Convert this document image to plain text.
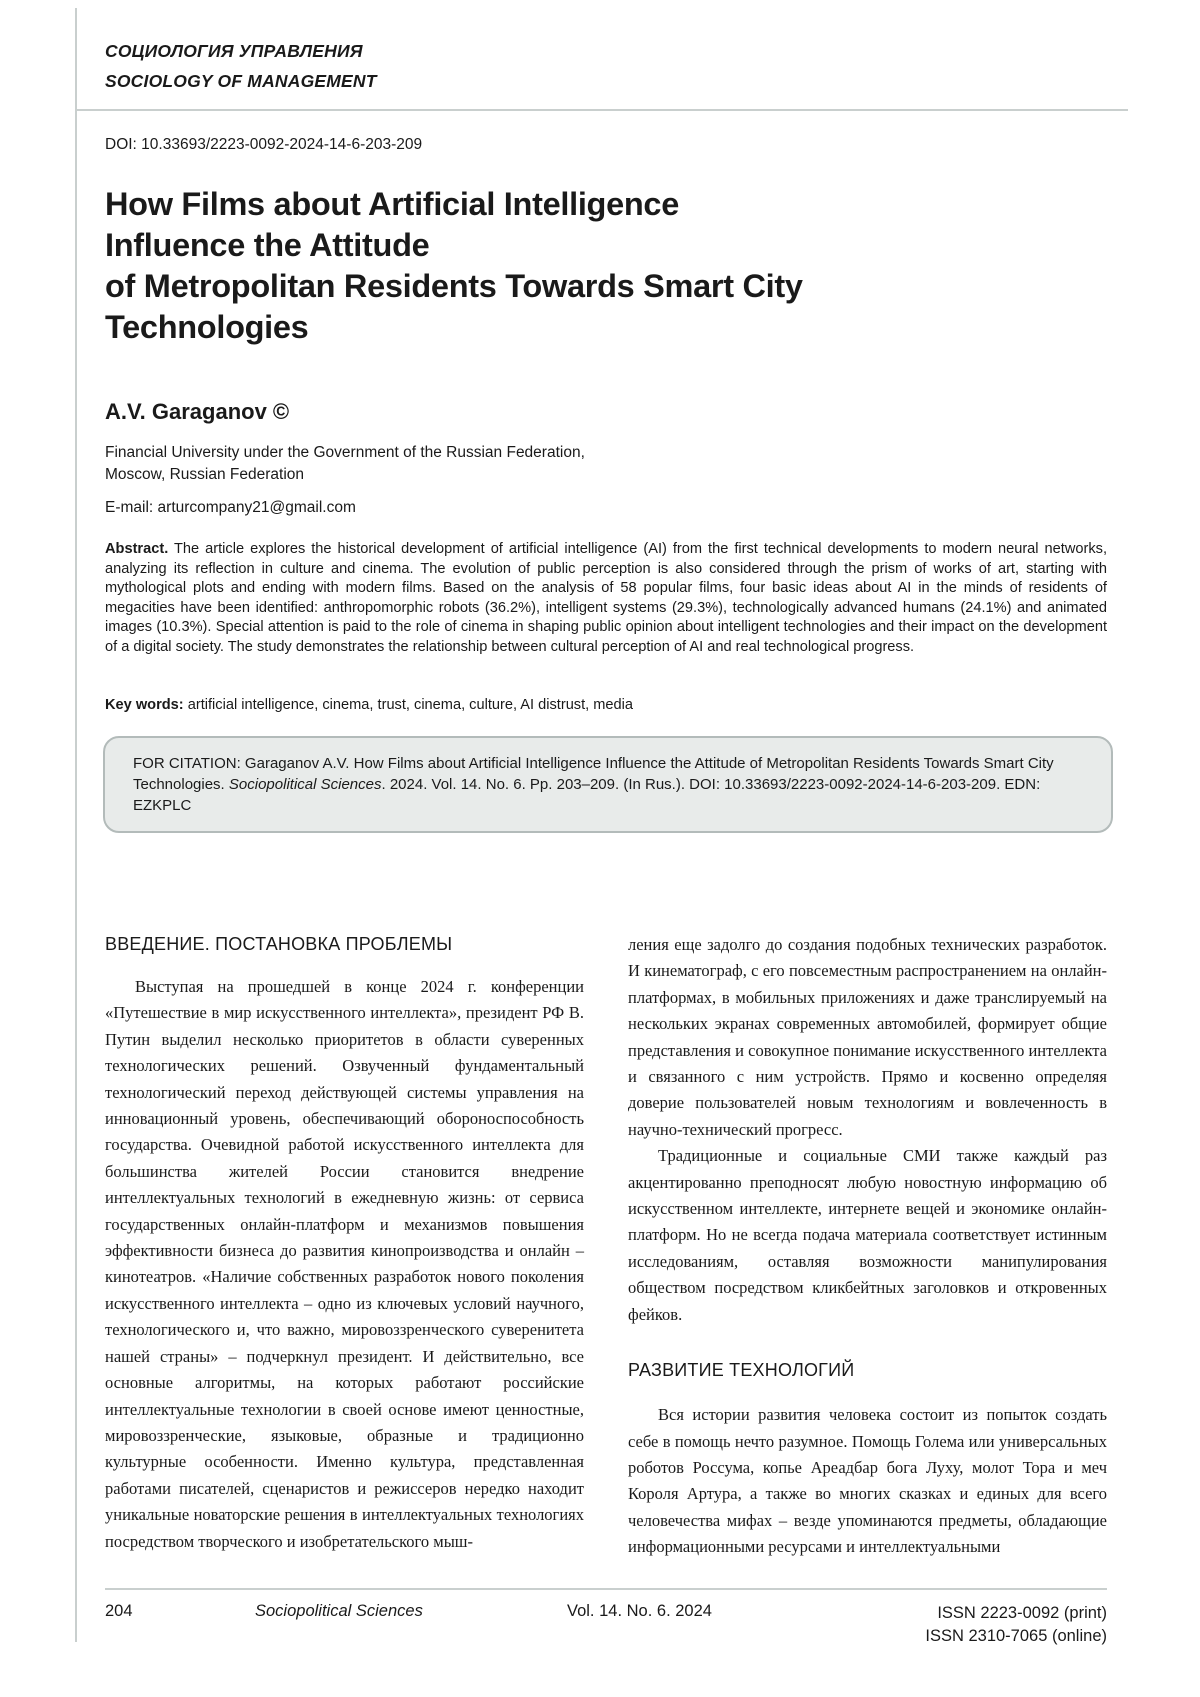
СОЦИОЛОГИЯ УПРАВЛЕНИЯ
SOCIOLOGY OF MANAGEMENT
DOI: 10.33693/2223-0092-2024-14-6-203-209
How Films about Artificial Intelligence
Influence the Attitude
of Metropolitan Residents Towards Smart City
Technologies
A.V. Garaganov ©
Financial University under the Government of the Russian Federation,
Moscow, Russian Federation
E-mail: arturcompany21@gmail.com
Abstract. The article explores the historical development of artificial intelligence (AI) from the first technical developments to modern neural networks, analyzing its reflection in culture and cinema. The evolution of public perception is also considered through the prism of works of art, starting with mythological plots and ending with modern films. Based on the analysis of 58 popular films, four basic ideas about AI in the minds of residents of megacities have been identified: anthropomorphic robots (36.2%), intelligent systems (29.3%), technologically advanced humans (24.1%) and animated images (10.3%). Special attention is paid to the role of cinema in shaping public opinion about intelligent technologies and their impact on the development of a digital society. The study demonstrates the relationship between cultural perception of AI and real technological progress.
Key words: artificial intelligence, cinema, trust, cinema, culture, AI distrust, media
FOR CITATION: Garaganov A.V. How Films about Artificial Intelligence Influence the Attitude of Metropolitan Residents Towards Smart City Technologies. Sociopolitical Sciences. 2024. Vol. 14. No. 6. Pp. 203–209. (In Rus.). DOI: 10.33693/2223-0092-2024-14-6-203-209. EDN: EZKPLC
ВВЕДЕНИЕ. ПОСТАНОВКА ПРОБЛЕМЫ

Выступая на прошедшей в конце 2024 г. конференции «Путешествие в мир искусственного интеллекта», президент РФ В. Путин выделил несколько приоритетов в области суверенных технологических решений. Озвученный фундаментальный технологический переход действующей системы управления на инновационный уровень, обеспечивающий обороноспособность государства. Очевидной работой искусственного интеллекта для большинства жителей России становится внедрение интеллектуальных технологий в ежедневную жизнь: от сервиса государственных онлайн-платформ и механизмов повышения эффективности бизнеса до развития кинопроизводства и онлайн – кинотеатров. «Наличие собственных разработок нового поколения искусственного интеллекта – одно из ключевых условий научного, технологического и, что важно, мировоззренческого суверенитета нашей страны» – подчеркнул президент. И действительно, все основные алгоритмы, на которых работают российские интеллектуальные технологии в своей основе имеют ценностные, мировоззренческие, языковые, образные и традиционно культурные особенности. Именно культура, представленная работами писателей, сценаристов и режиссеров нередко находит уникальные новаторские решения в интеллектуальных технологиях посредством творческого и изобретательского мыш-

ления еще задолго до создания подобных технических разработок. И кинематограф, с его повсеместным распространением на онлайн-платформах, в мобильных приложениях и даже транслируемый на нескольких экранах современных автомобилей, формирует общие представления и совокупное понимание искусственного интеллекта и связанного с ним устройств. Прямо и косвенно определяя доверие пользователей новым технологиям и вовлеченность в научно-технический прогресс.

Традиционные и социальные СМИ также каждый раз акцентированно преподносят любую новостную информацию об искусственном интеллекте, интернете вещей и экономике онлайн-платформ. Но не всегда подача материала соответствует истинным исследованиям, оставляя возможности манипулирования обществом посредством кликбейтных заголовков и откровенных фейков.

РАЗВИТИЕ ТЕХНОЛОГИЙ

Вся истории развития человека состоит из попыток создать себе в помощь нечто разумное. Помощь Голема или универсальных роботов Россума, копье Ареадбар бога Луху, молот Тора и меч Короля Артура, а также во многих сказках и единых для всего человечества мифах – везде упоминаются предметы, обладающие информационными ресурсами и интеллектуальными

204	Sociopolitical Sciences	Vol. 14. No. 6. 2024	ISSN 2223-0092 (print)
ISSN 2310-7065 (online)
